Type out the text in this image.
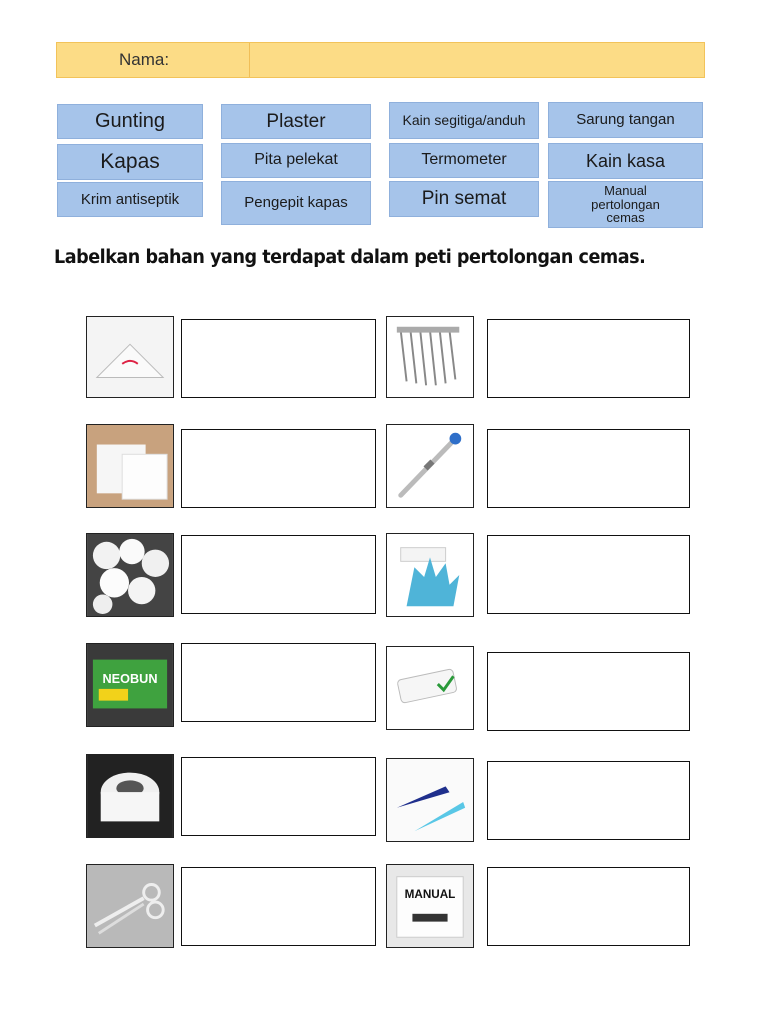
Nama:
Gunting	Plaster	Kain segitiga/anduh	Sarung tangan
Kapas	Pita pelekat	Termometer	Kain kasa
Krim antiseptik	Pengepit kapas	Pin semat	Manual pertolongan cemas
Labelkan bahan yang terdapat dalam peti pertolongan cemas.
NEOBUN
MANUAL
